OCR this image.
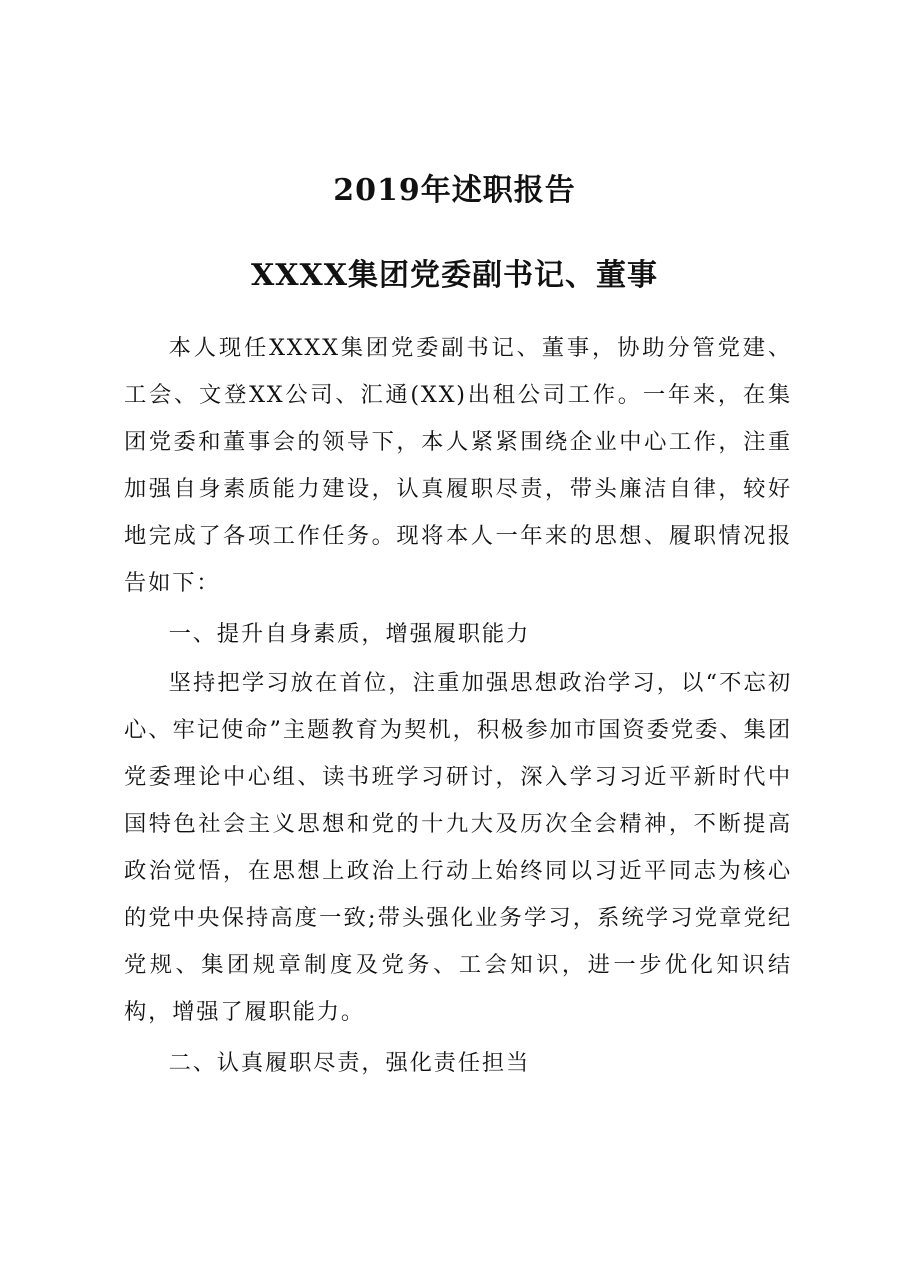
2019年述职报告
XXXX集团党委副书记、董事

本人现任XXXX集团党委副书记、董事，协助分管党建、工会、文登XX公司、汇通(XX)出租公司工作。一年来，在集团党委和董事会的领导下，本人紧紧围绕企业中心工作，注重加强自身素质能力建设，认真履职尽责，带头廉洁自律，较好地完成了各项工作任务。现将本人一年来的思想、履职情况报告如下：

一、提升自身素质，增强履职能力

坚持把学习放在首位，注重加强思想政治学习，以“不忘初心、牢记使命”主题教育为契机，积极参加市国资委党委、集团党委理论中心组、读书班学习研讨，深入学习习近平新时代中国特色社会主义思想和党的十九大及历次全会精神，不断提高政治觉悟，在思想上政治上行动上始终同以习近平同志为核心的党中央保持高度一致;带头强化业务学习，系统学习党章党纪党规、集团规章制度及党务、工会知识，进一步优化知识结构，增强了履职能力。

二、认真履职尽责，强化责任担当
